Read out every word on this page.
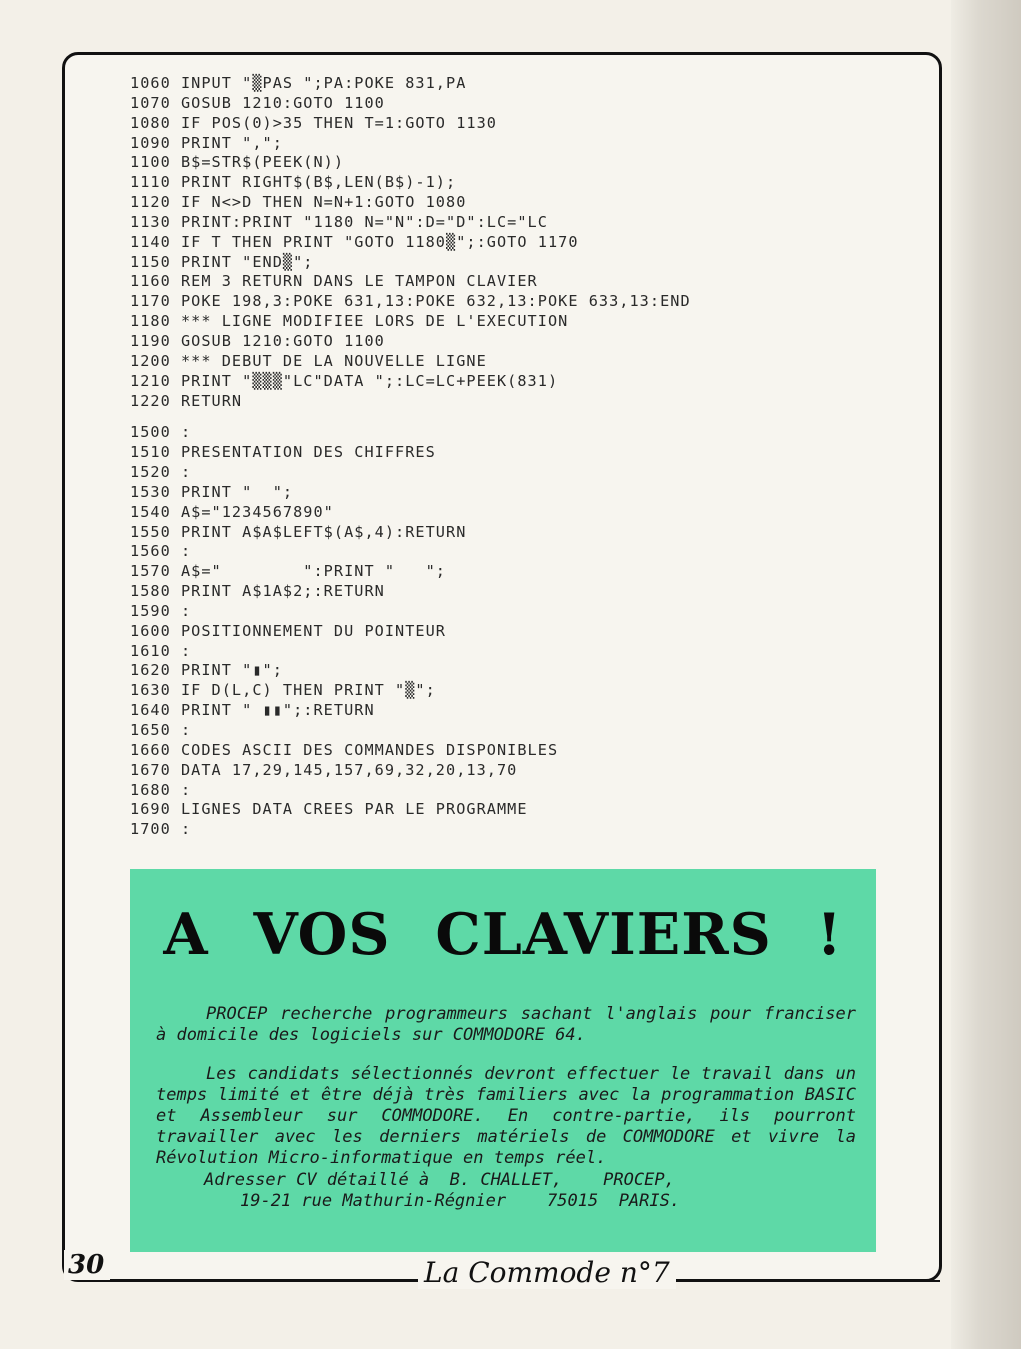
1060 INPUT "▒PAS ";PA:POKE 831,PA
1070 GOSUB 1210:GOTO 1100
1080 IF POS(0)>35 THEN T=1:GOTO 1130
1090 PRINT ",";
1100 B$=STR$(PEEK(N))
1110 PRINT RIGHT$(B$,LEN(B$)-1);
1120 IF N<>D THEN N=N+1:GOTO 1080
1130 PRINT:PRINT "1180 N="N":D="D":LC="LC
1140 IF T THEN PRINT "GOTO 1180▒";:GOTO 1170
1150 PRINT "END▒";
1160 REM 3 RETURN DANS LE TAMPON CLAVIER
1170 POKE 198,3:POKE 631,13:POKE 632,13:POKE 633,13:END
1180 *** LIGNE MODIFIEE LORS DE L'EXECUTION
1190 GOSUB 1210:GOTO 1100
1200 *** DEBUT DE LA NOUVELLE LIGNE
1210 PRINT "▒▒▒"LC"DATA ";:LC=LC+PEEK(831)
1220 RETURN
1500 :
1510 PRESENTATION DES CHIFFRES
1520 :
1530 PRINT "  ";
1540 A$="1234567890"
1550 PRINT A$A$LEFT$(A$,4):RETURN
1560 :
1570 A$="        ":PRINT "   ";
1580 PRINT A$1A$2;:RETURN
1590 :
1600 POSITIONNEMENT DU POINTEUR
1610 :
1620 PRINT "▮";
1630 IF D(L,C) THEN PRINT "▒";
1640 PRINT " ▮▮";:RETURN
1650 :
1660 CODES ASCII DES COMMANDES DISPONIBLES
1670 DATA 17,29,145,157,69,32,20,13,70
1680 :
1690 LIGNES DATA CREES PAR LE PROGRAMME
1700 :
A VOS CLAVIERS !
PROCEP recherche programmeurs sachant l'anglais pour franciser à domicile des logiciels sur COMMODORE 64.
Les candidats sélectionnés devront effectuer le travail dans un temps limité et être déjà très familiers avec la programmation BASIC et Assembleur sur COMMODORE. En contre-partie, ils pourront travailler avec les derniers matériels de COMMODORE et vivre la Révolution Micro-informatique en temps réel.
Adresser CV détaillé à  B. CHALLET,    PROCEP,
19-21 rue Mathurin-Régnier    75015  PARIS.
30	La Commode n°7
